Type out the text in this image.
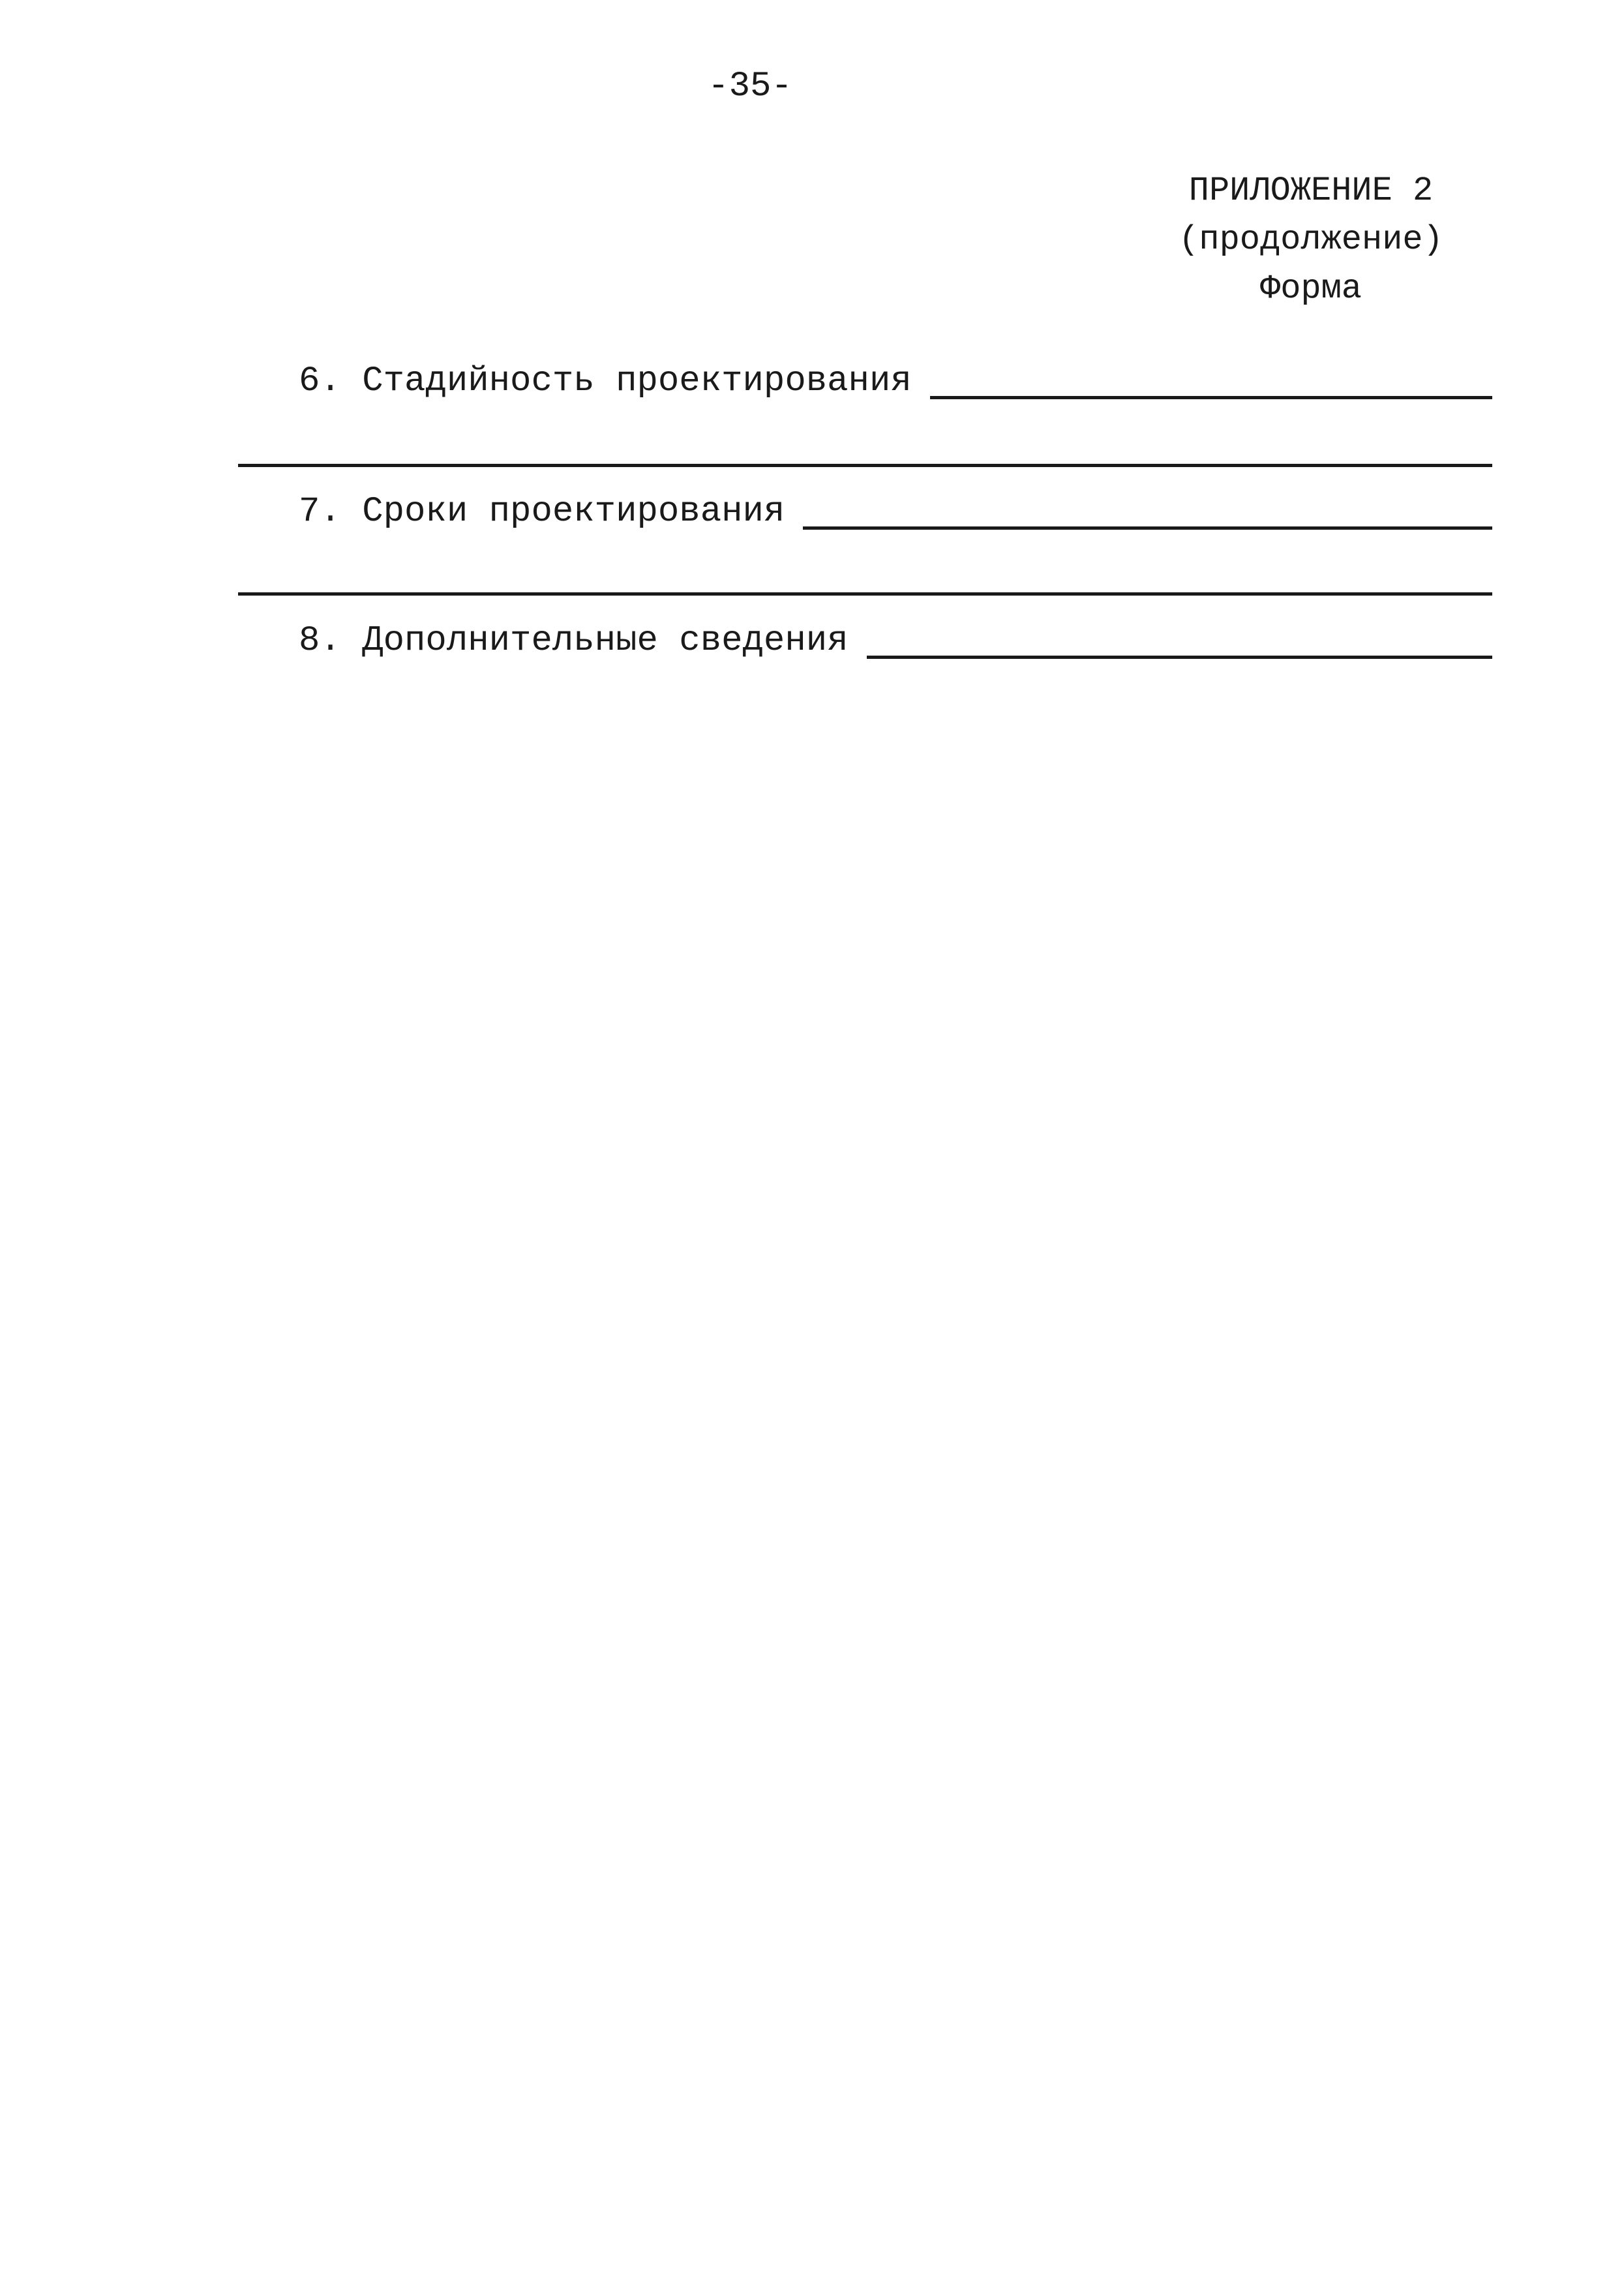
-35-
ПРИЛОЖЕНИЕ 2
(продолжение)
Форма
6. Стадийность проектирования
7. Сроки проектирования
8. Дополнительные сведения
